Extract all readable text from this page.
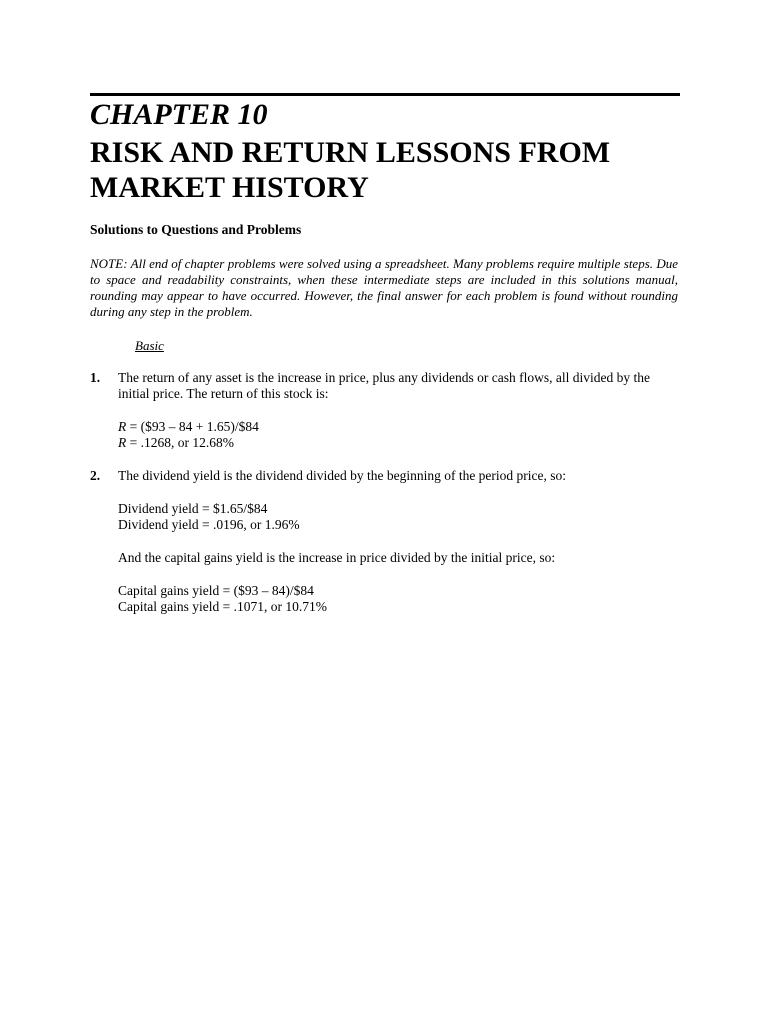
CHAPTER 10
RISK AND RETURN LESSONS FROM MARKET HISTORY
Solutions to Questions and Problems
NOTE: All end of chapter problems were solved using a spreadsheet. Many problems require multiple steps. Due to space and readability constraints, when these intermediate steps are included in this solutions manual, rounding may appear to have occurred. However, the final answer for each problem is found without rounding during any step in the problem.
Basic
1. The return of any asset is the increase in price, plus any dividends or cash flows, all divided by the initial price. The return of this stock is:
R = ($93 – 84 + 1.65)/$84
R = .1268, or 12.68%
2. The dividend yield is the dividend divided by the beginning of the period price, so:
Dividend yield = $1.65/$84
Dividend yield = .0196, or 1.96%
And the capital gains yield is the increase in price divided by the initial price, so:
Capital gains yield = ($93 – 84)/$84
Capital gains yield = .1071, or 10.71%
